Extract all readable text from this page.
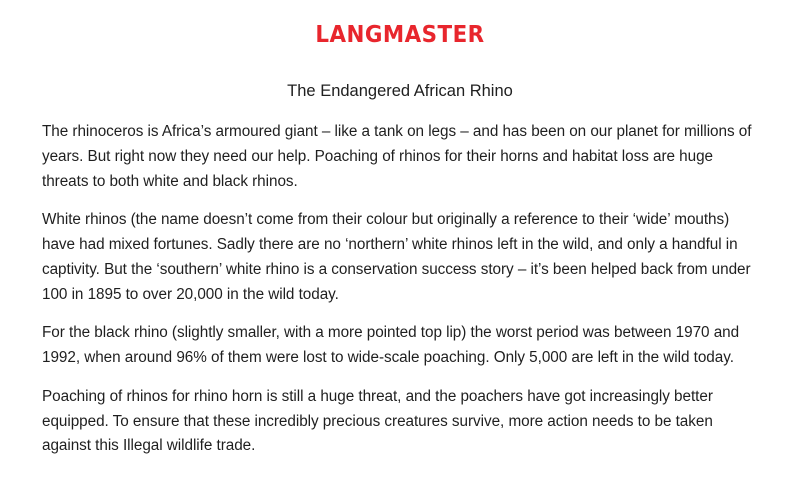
LANGMASTER
The Endangered African Rhino

The rhinoceros is Africa’s armoured giant – like a tank on legs – and has been on our planet for millions of years. But right now they need our help. Poaching of rhinos for their horns and habitat loss are huge threats to both white and black rhinos.

White rhinos (the name doesn’t come from their colour but originally a reference to their ‘wide’ mouths) have had mixed fortunes. Sadly there are no ‘northern’ white rhinos left in the wild, and only a handful in captivity. But the ‘southern’ white rhino is a conservation success story – it’s been helped back from under 100 in 1895 to over 20,000 in the wild today.

For the black rhino (slightly smaller, with a more pointed top lip) the worst period was between 1970 and 1992, when around 96% of them were lost to wide-scale poaching. Only 5,000 are left in the wild today.

Poaching of rhinos for rhino horn is still a huge threat, and the poachers have got increasingly better equipped. To ensure that these incredibly precious creatures survive, more action needs to be taken against this Illegal wildlife trade.
